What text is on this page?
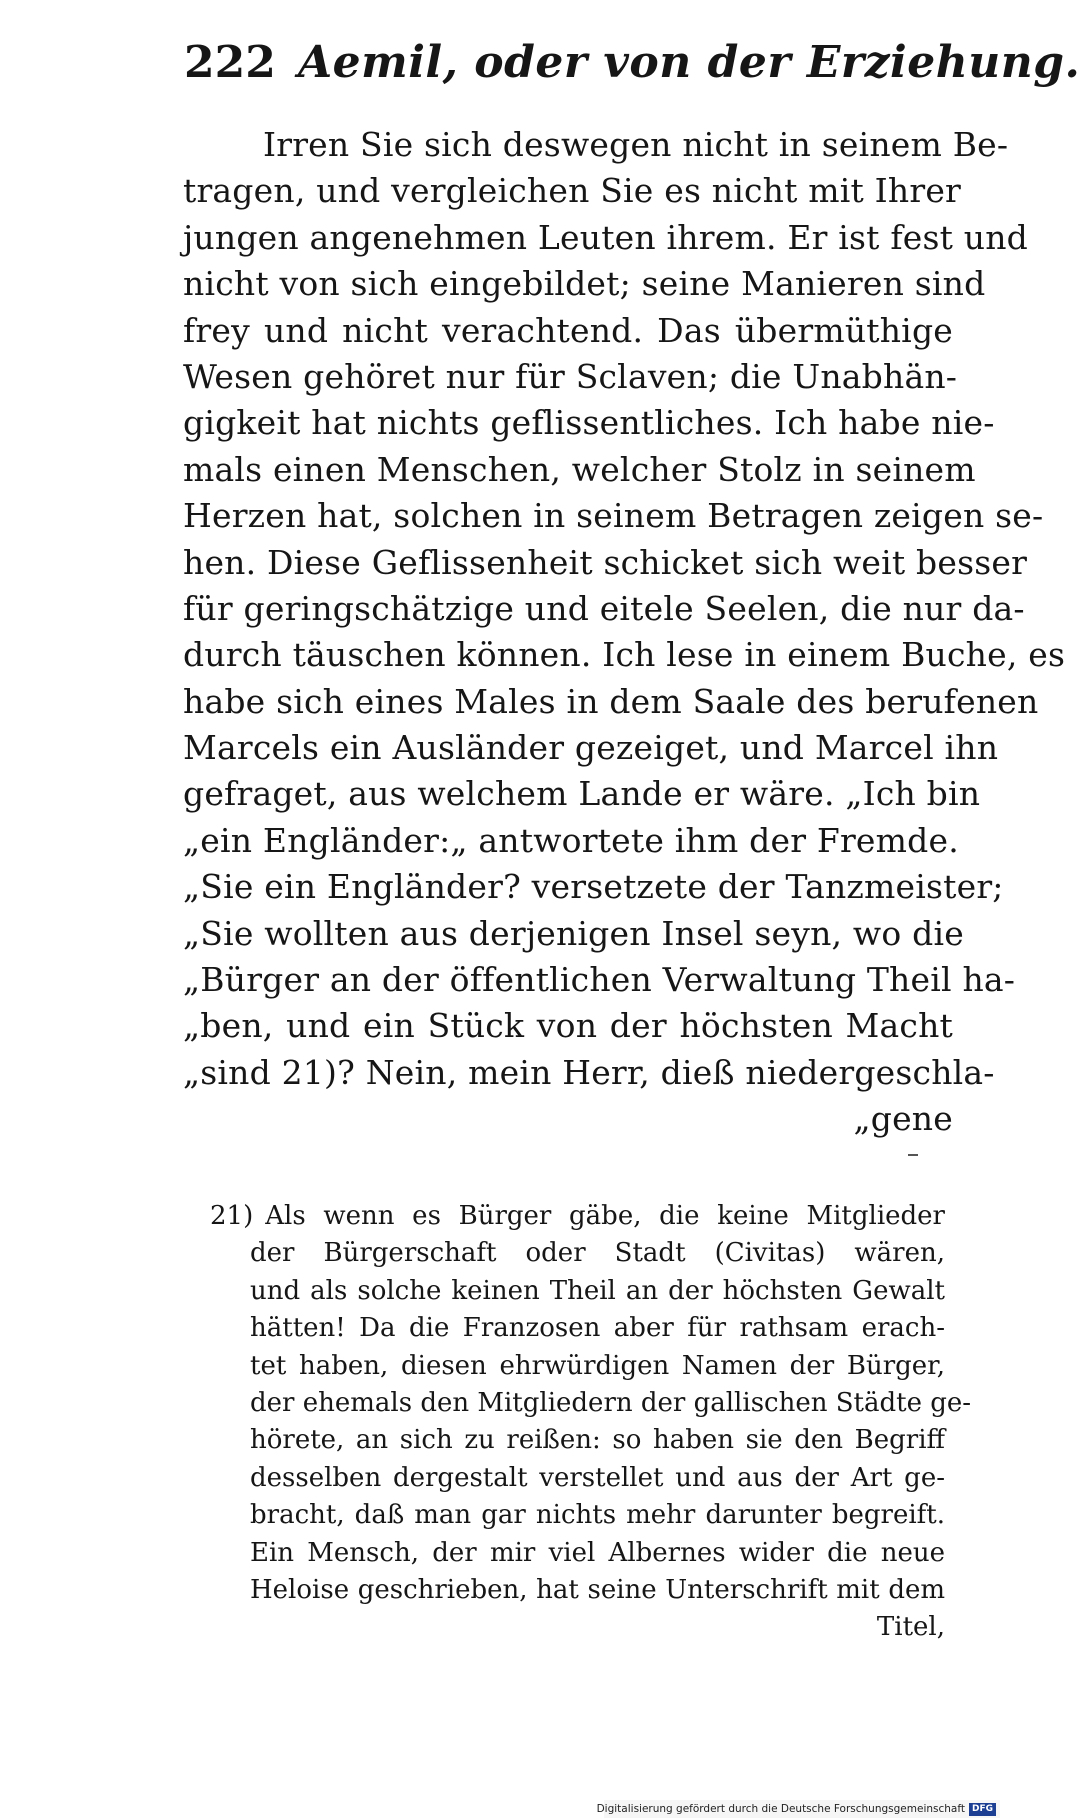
222 Aemil, oder von der Erziehung.
Irren Sie sich deswegen nicht in seinem Be-
tragen, und vergleichen Sie es nicht mit Ihrer
jungen angenehmen Leuten ihrem. Er ist fest und
nicht von sich eingebildet; seine Manieren sind
frey und nicht verachtend. Das übermüthige
Wesen gehöret nur für Sclaven; die Unabhän-
gigkeit hat nichts geflissentliches. Ich habe nie-
mals einen Menschen, welcher Stolz in seinem
Herzen hat, solchen in seinem Betragen zeigen se-
hen. Diese Geflissenheit schicket sich weit besser
für geringschätzige und eitele Seelen, die nur da-
durch täuschen können. Ich lese in einem Buche, es
habe sich eines Males in dem Saale des berufenen
Marcels ein Ausländer gezeiget, und Marcel ihn
gefraget, aus welchem Lande er wäre. „Ich bin
„ein Engländer:„ antwortete ihm der Fremde.
„Sie ein Engländer? versetzete der Tanzmeister;
„Sie wollten aus derjenigen Insel seyn, wo die
„Bürger an der öffentlichen Verwaltung Theil ha-
„ben, und ein Stück von der höchsten Macht
„sind 21)? Nein, mein Herr, dieß niedergeschla-
„gene
21) Als wenn es Bürger gäbe, die keine Mitglieder
der Bürgerschaft oder Stadt (Civitas) wären,
und als solche keinen Theil an der höchsten Gewalt
hätten! Da die Franzosen aber für rathsam erach-
tet haben, diesen ehrwürdigen Namen der Bürger,
der ehemals den Mitgliedern der gallischen Städte ge-
hörete, an sich zu reißen: so haben sie den Begriff
desselben dergestalt verstellet und aus der Art ge-
bracht, daß man gar nichts mehr darunter begreift.
Ein Mensch, der mir viel Albernes wider die neue
Heloise geschrieben, hat seine Unterschrift mit dem
Titel,
Digitalisierung gefördert durch die Deutsche Forschungsgemeinschaft DFG
